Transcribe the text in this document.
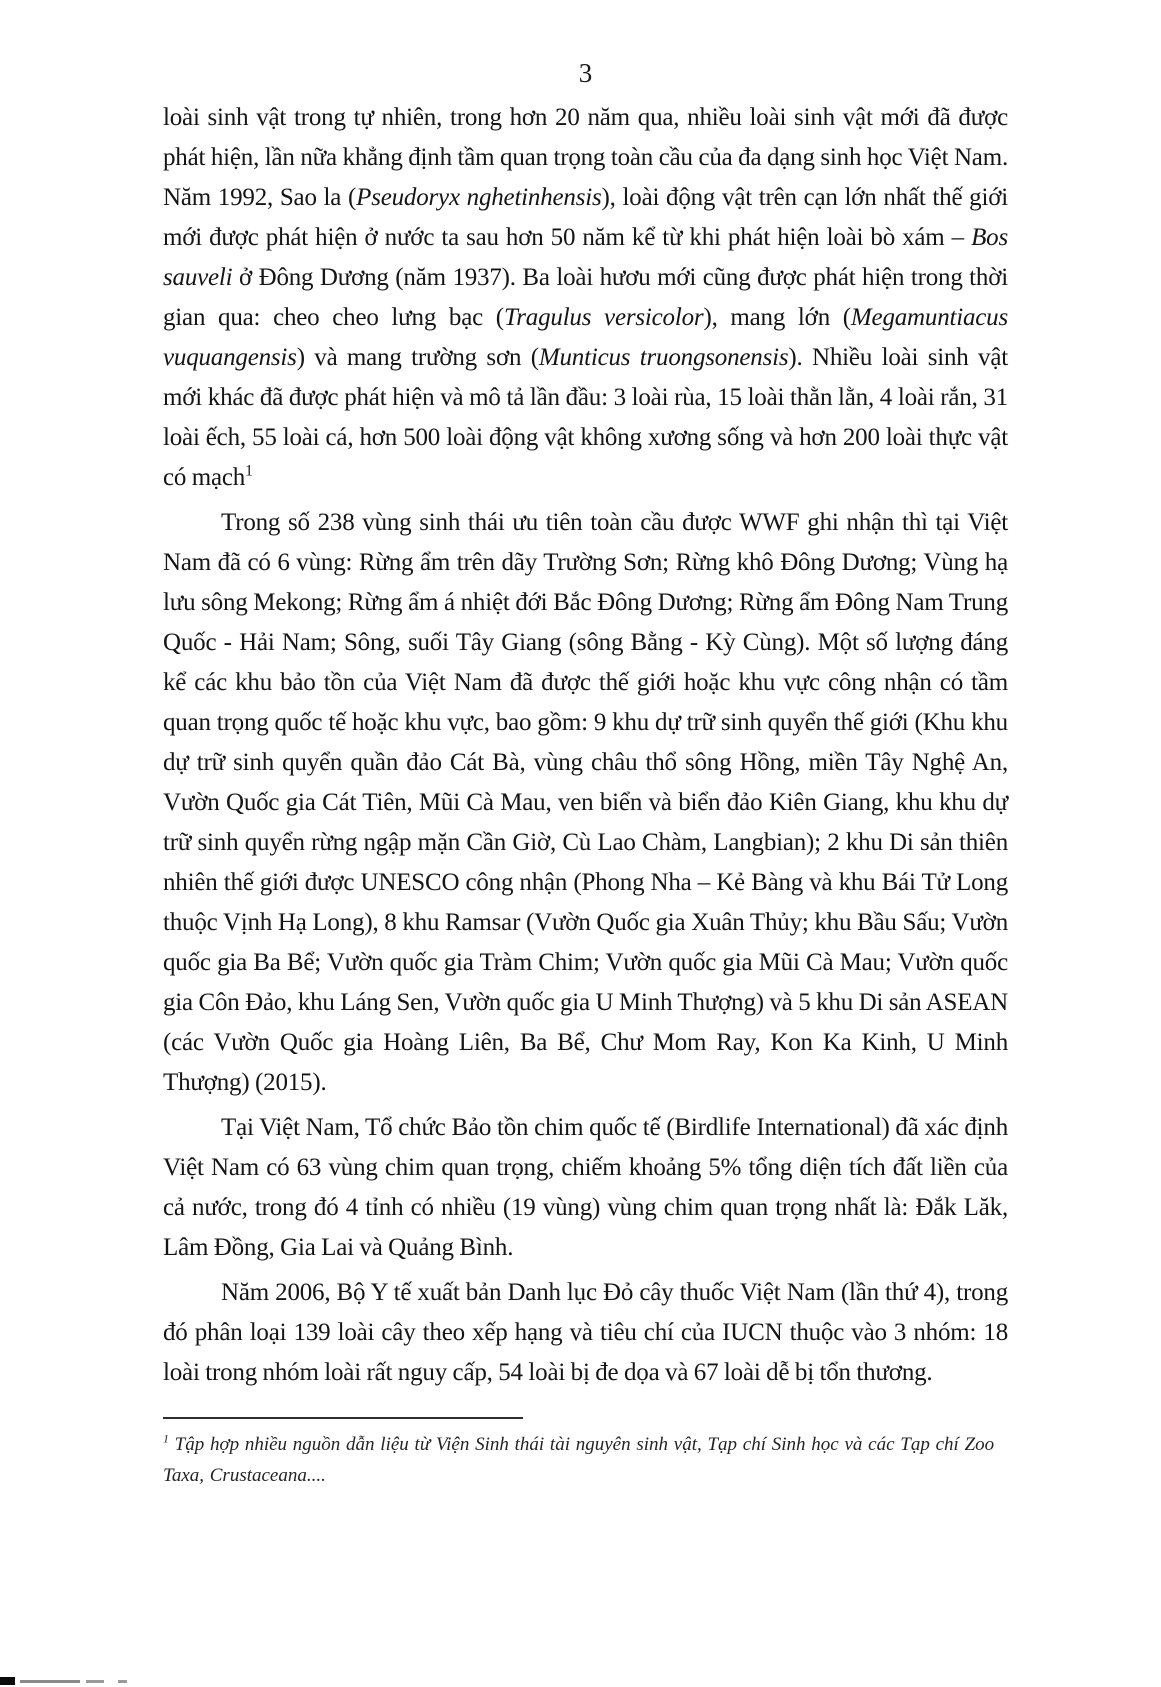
3

loài sinh vật trong tự nhiên, trong hơn 20 năm qua, nhiều loài sinh vật mới đã được phát hiện, lần nữa khẳng định tầm quan trọng toàn cầu của đa dạng sinh học Việt Nam. Năm 1992, Sao la (Pseudoryx nghetinhensis), loài động vật trên cạn lớn nhất thế giới mới được phát hiện ở nước ta sau hơn 50 năm kể từ khi phát hiện loài bò xám – Bos sauveli ở Đông Dương (năm 1937). Ba loài hươu mới cũng được phát hiện trong thời gian qua: cheo cheo lưng bạc (Tragulus versicolor), mang lớn (Megamuntiacus vuquangensis) và mang trường sơn (Munticus truongsonensis). Nhiều loài sinh vật mới khác đã được phát hiện và mô tả lần đầu: 3 loài rùa, 15 loài thằn lằn, 4 loài rắn, 31 loài ếch, 55 loài cá, hơn 500 loài động vật không xương sống và hơn 200 loài thực vật có mạch$^1$

Trong số 238 vùng sinh thái ưu tiên toàn cầu được WWF ghi nhận thì tại Việt Nam đã có 6 vùng: Rừng ẩm trên dãy Trường Sơn; Rừng khô Đông Dương; Vùng hạ lưu sông Mekong; Rừng ẩm á nhiệt đới Bắc Đông Dương; Rừng ẩm Đông Nam Trung Quốc - Hải Nam; Sông, suối Tây Giang (sông Bằng - Kỳ Cùng). Một số lượng đáng kể các khu bảo tồn của Việt Nam đã được thế giới hoặc khu vực công nhận có tầm quan trọng quốc tế hoặc khu vực, bao gồm: 9 khu dự trữ sinh quyển thế giới (Khu khu dự trữ sinh quyển quần đảo Cát Bà, vùng châu thổ sông Hồng, miền Tây Nghệ An, Vườn Quốc gia Cát Tiên, Mũi Cà Mau, ven biển và biển đảo Kiên Giang, khu khu dự trữ sinh quyển rừng ngập mặn Cần Giờ, Cù Lao Chàm, Langbian); 2 khu Di sản thiên nhiên thế giới được UNESCO công nhận (Phong Nha – Kẻ Bàng và khu Bái Tử Long thuộc Vịnh Hạ Long), 8 khu Ramsar (Vườn Quốc gia Xuân Thủy; khu Bầu Sấu; Vườn quốc gia Ba Bể; Vườn quốc gia Tràm Chim; Vườn quốc gia Mũi Cà Mau; Vườn quốc gia Côn Đảo, khu Láng Sen, Vườn quốc gia U Minh Thượng) và 5 khu Di sản ASEAN (các Vườn Quốc gia Hoàng Liên, Ba Bể, Chư Mom Ray, Kon Ka Kinh, U Minh Thượng) (2015).

Tại Việt Nam, Tổ chức Bảo tồn chim quốc tế (Birdlife International) đã xác định Việt Nam có 63 vùng chim quan trọng, chiếm khoảng 5% tổng diện tích đất liền của cả nước, trong đó 4 tỉnh có nhiều (19 vùng) vùng chim quan trọng nhất là: Đắk Lăk, Lâm Đồng, Gia Lai và Quảng Bình.

Năm 2006, Bộ Y tế xuất bản Danh lục Đỏ cây thuốc Việt Nam (lần thứ 4), trong đó phân loại 139 loài cây theo xếp hạng và tiêu chí của IUCN thuộc vào 3 nhóm: 18 loài trong nhóm loài rất nguy cấp, 54 loài bị đe dọa và 67 loài dễ bị tổn thương.

$^1$ Tập hợp nhiều nguồn dẫn liệu từ Viện Sinh thái tài nguyên sinh vật, Tạp chí Sinh học và các Tạp chí Zoo Taxa, Crustaceana....
